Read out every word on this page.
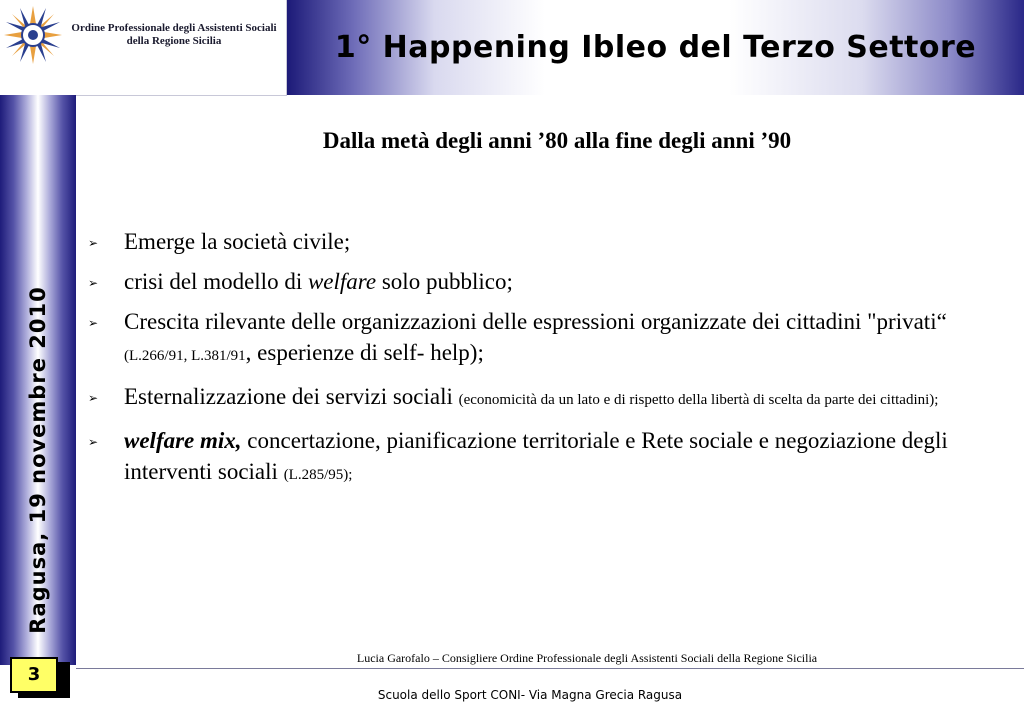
Ordine Professionale degli Assistenti Sociali
della Regione Sicilia	1° Happening Ibleo del Terzo Settore
Ragusa, 19 novembre 2010
Dalla metà degli anni ’80 alla fine degli anni ’90
➢ Emerge la società civile;
➢ crisi del modello di welfare solo pubblico;
➢ Crescita rilevante delle organizzazioni delle espressioni organizzate dei cittadini "privati“ (L.266/91, L.381/91, esperienze di self- help);
➢ Esternalizzazione dei servizi sociali (economicità da un lato e di rispetto della libertà di scelta da parte dei cittadini);
➢ welfare mix, concertazione, pianificazione territoriale e Rete sociale e negoziazione degli interventi sociali (L.285/95);
Lucia Garofalo – Consigliere Ordine Professionale degli Assistenti Sociali della Regione Sicilia
Scuola dello Sport CONI- Via Magna Grecia Ragusa
3
